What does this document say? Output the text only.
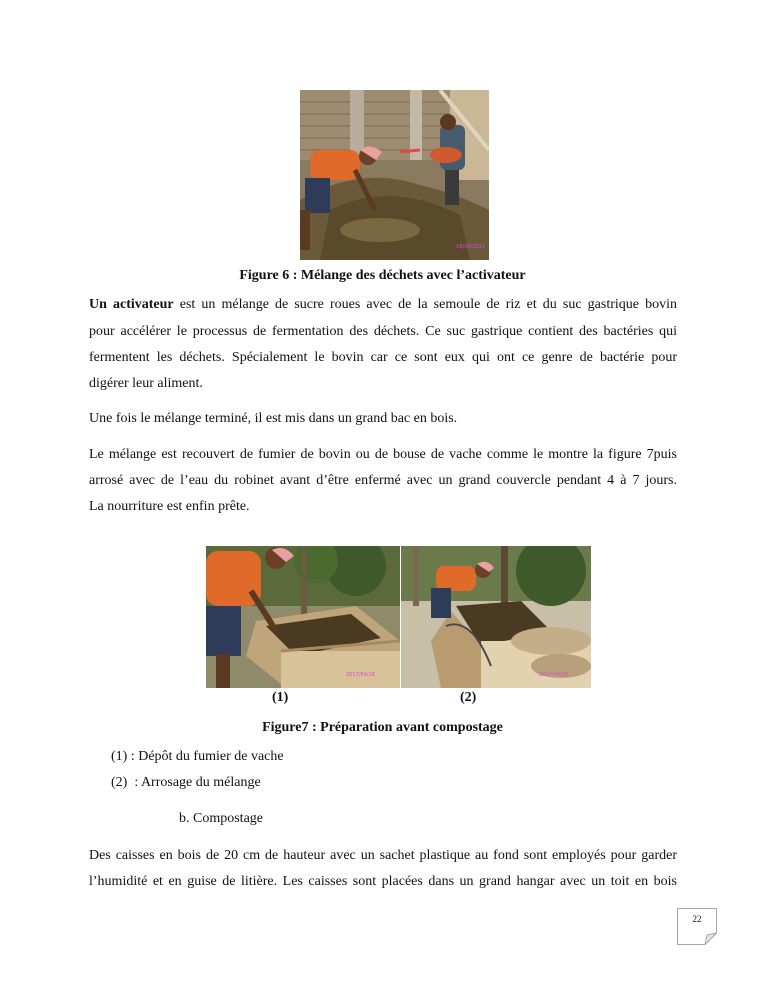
18/04/2017
Figure 6 : Mélange des déchets avec l’activateur
Un activateur est un mélange de sucre roues avec de la semoule de riz et du suc gastrique bovin
pour accélérer le processus de fermentation des déchets. Ce suc gastrique contient des bactéries qui
fermentent les déchets. Spécialement le bovin car ce sont eux qui ont ce genre de bactérie pour
digérer leur aliment.
Une fois le mélange terminé, il est mis dans un grand bac en bois.
Le mélange est recouvert de fumier de bovin ou de bouse de vache comme le montre la figure 7puis
arrosé avec de l’eau du robinet avant d’être enfermé avec un grand couvercle pendant 4 à 7 jours.
La nourriture est enfin prête.
2017/04/18	2017/04/18
(1)	(2)
Figure7 : Préparation avant compostage
(1) : Dépôt du fumier de vache
(2)  : Arrosage du mélange
b. Compostage
Des caisses en bois de 20 cm de hauteur avec un sachet plastique au fond sont employés pour garder
l’humidité et en guise de litière. Les caisses sont placées dans un grand hangar avec un toit en bois
22
